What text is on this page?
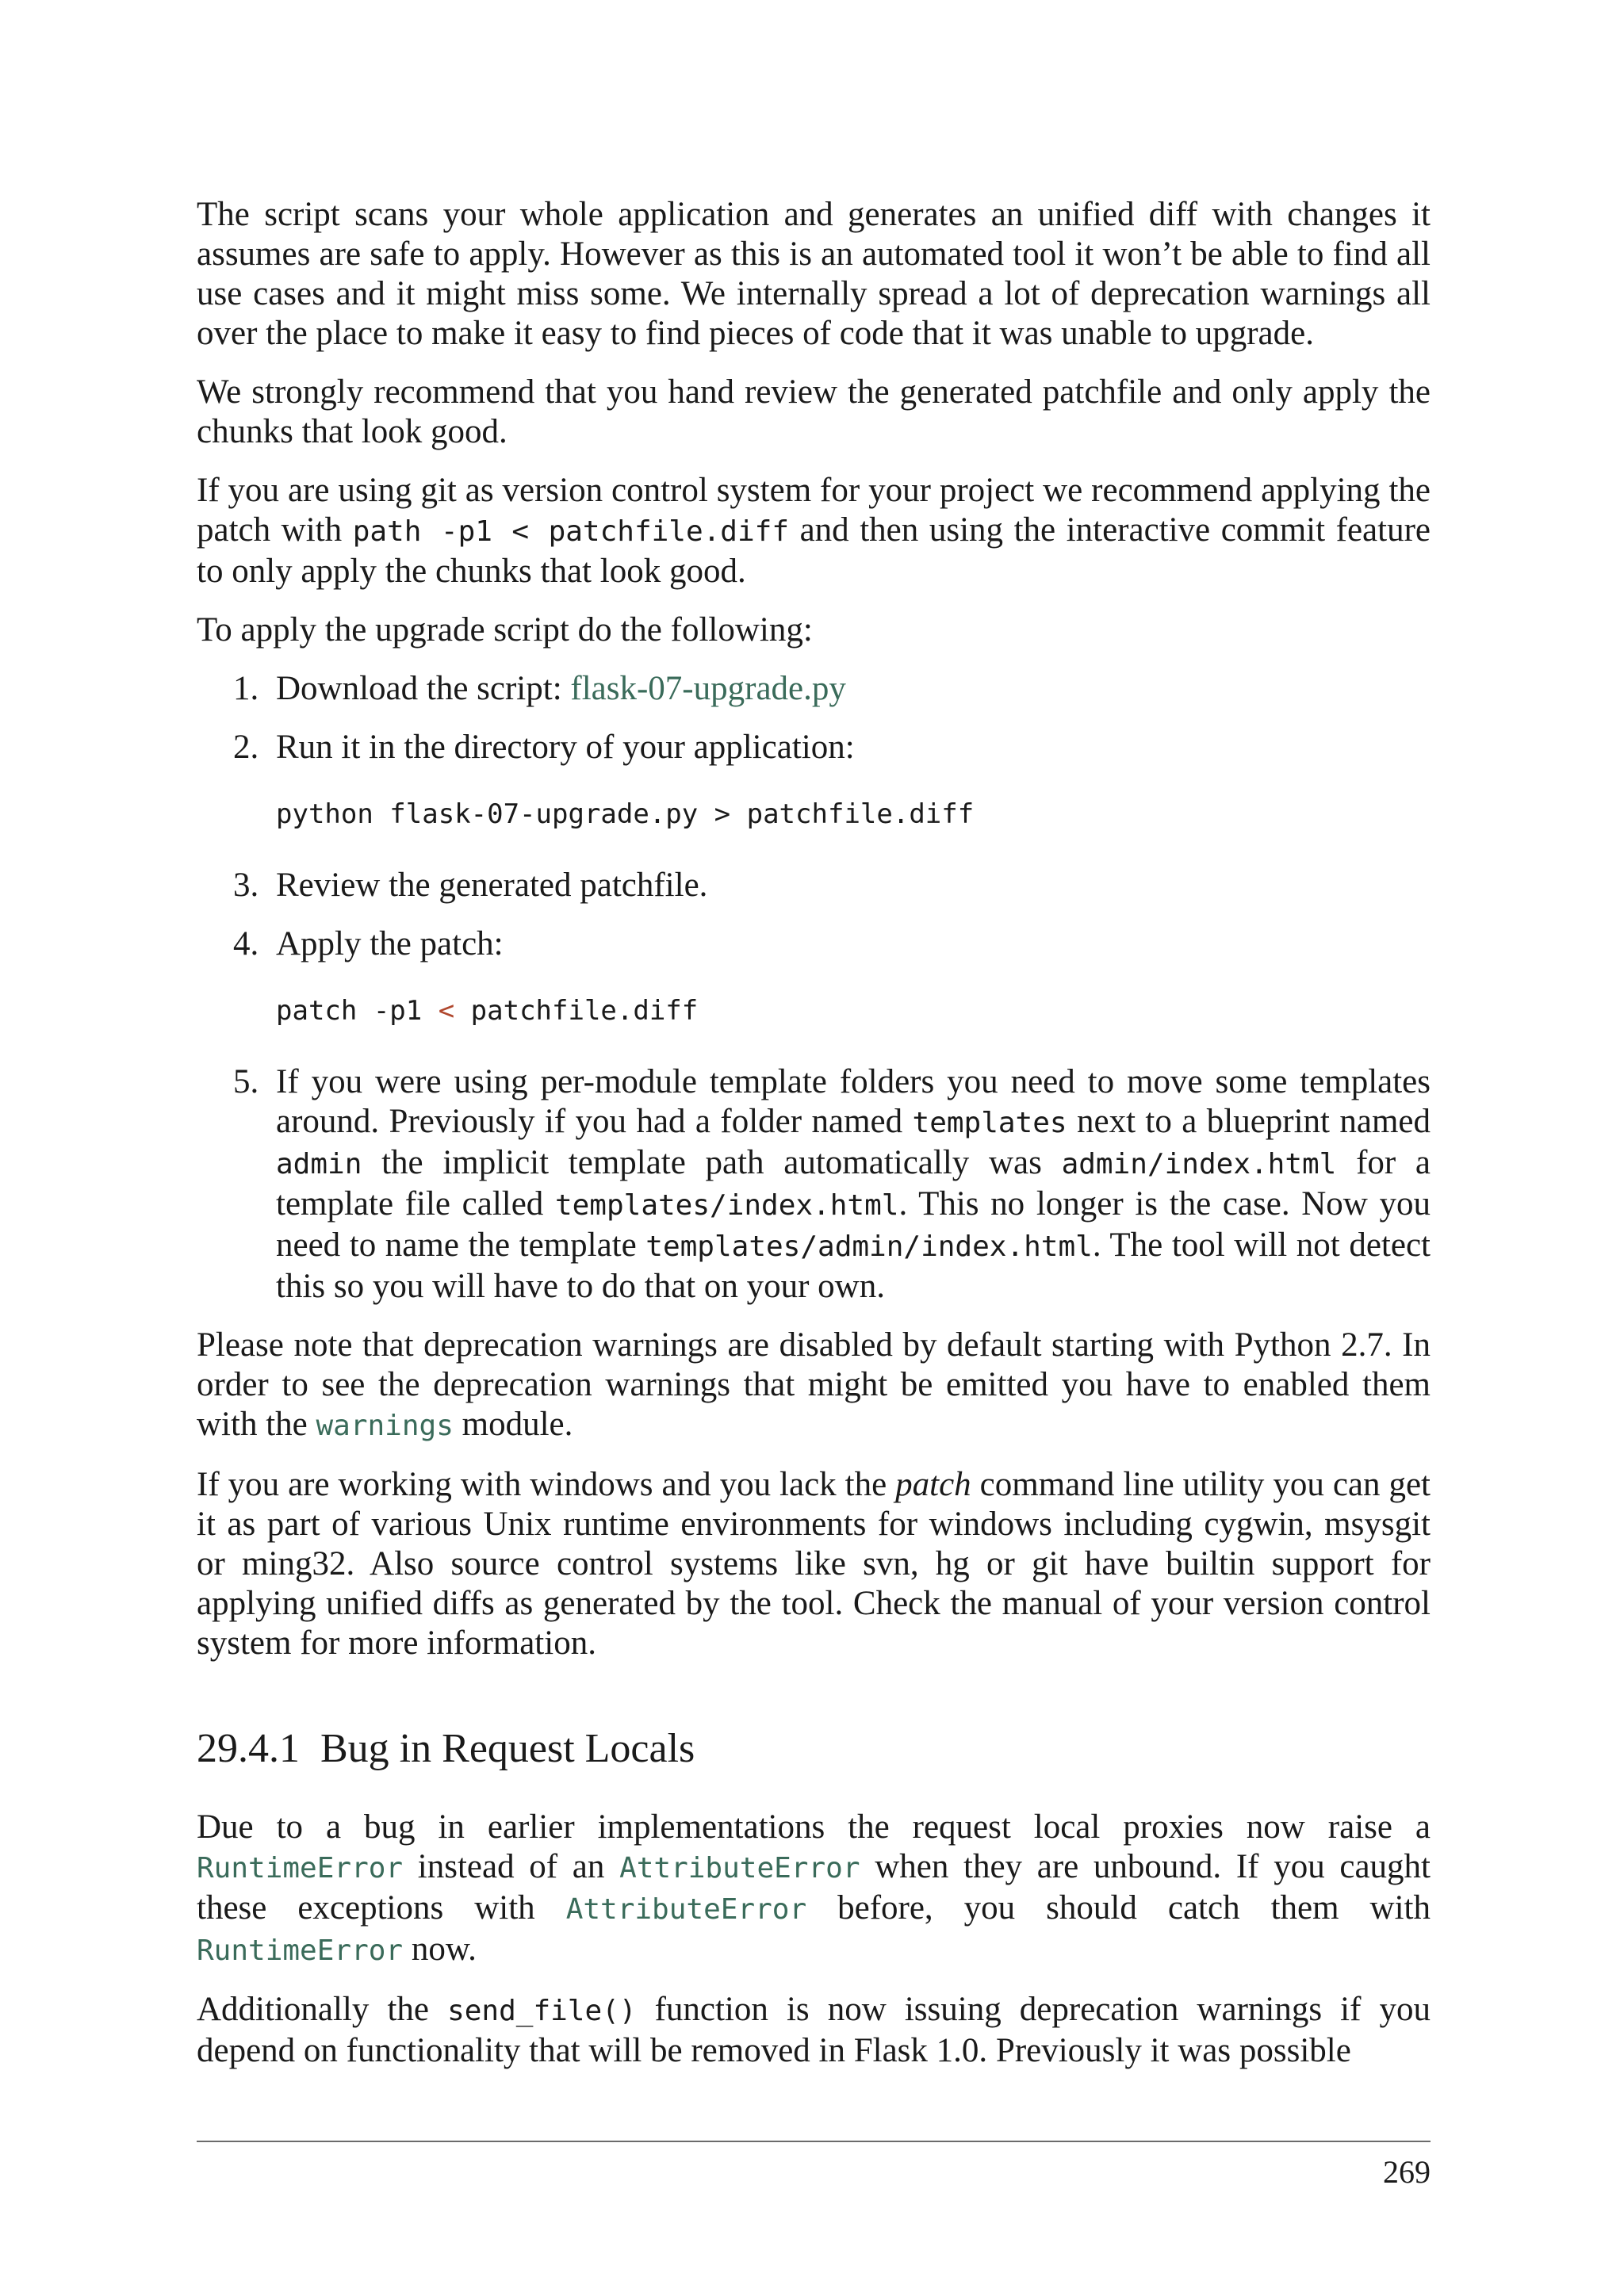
The script scans your whole application and generates an unified diff with changes it assumes are safe to apply. However as this is an automated tool it won’t be able to find all use cases and it might miss some. We internally spread a lot of deprecation warnings all over the place to make it easy to find pieces of code that it was unable to upgrade.

We strongly recommend that you hand review the generated patchfile and only apply the chunks that look good.

If you are using git as version control system for your project we recommend applying the patch with path -p1 < patchfile.diff and then using the interactive commit feature to only apply the chunks that look good.

To apply the upgrade script do the following:

1. Download the script: flask-07-upgrade.py
2. Run it in the directory of your application:
python flask-07-upgrade.py > patchfile.diff
3. Review the generated patchfile.
4. Apply the patch:
patch -p1 < patchfile.diff
5. If you were using per-module template folders you need to move some templates around. Previously if you had a folder named templates next to a blueprint named admin the implicit template path automatically was admin/index.html for a template file called templates/index.html. This no longer is the case. Now you need to name the template templates/admin/index.html. The tool will not detect this so you will have to do that on your own.

Please note that deprecation warnings are disabled by default starting with Python 2.7. In order to see the deprecation warnings that might be emitted you have to enabled them with the warnings module.

If you are working with windows and you lack the patch command line utility you can get it as part of various Unix runtime environments for windows including cygwin, msysgit or ming32. Also source control systems like svn, hg or git have builtin support for applying unified diffs as generated by the tool. Check the manual of your version control system for more information.

29.4.1 Bug in Request Locals

Due to a bug in earlier implementations the request local proxies now raise a RuntimeError instead of an AttributeError when they are unbound. If you caught these exceptions with AttributeError before, you should catch them with RuntimeError now.

Additionally the send_file() function is now issuing deprecation warnings if you depend on functionality that will be removed in Flask 1.0. Previously it was possible

269
